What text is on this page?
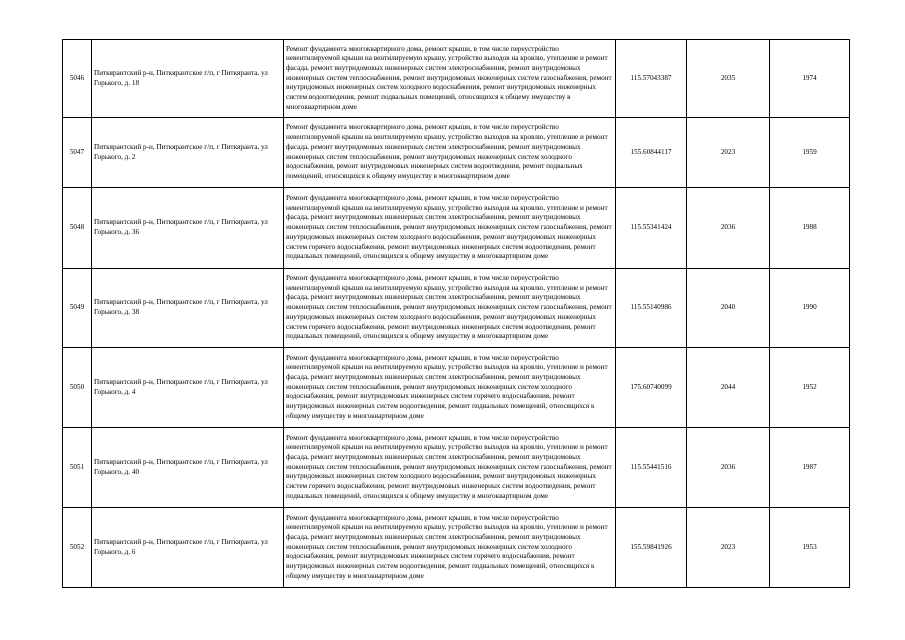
5046	Питкярантский р-н, Питкярантское г/п, г Питкяранта, ул Горького, д. 18	Ремонт фундамента многоквартирного дома, ремонт крыши, в том числе переустройство невентилируемой крыши на вентилируемую крышу, устройство выходов на кровлю, утепление и ремонт фасада, ремонт внутридомовых инженерных систем электроснабжения, ремонт внутридомовых инженерных систем теплоснабжения, ремонт внутридомовых инженерных систем газоснабжения, ремонт внутридомовых инженерных систем холодного водоснабжения, ремонт внутридомовых инженерных систем водоотведения, ремонт подвальных помещений, относящихся к общему имуществу в многоквартирном доме	115.57043387	2035	1974
5047	Питкярантский р-н, Питкярантское г/п, г Питкяранта, ул Горького, д. 2	Ремонт фундамента многоквартирного дома, ремонт крыши, в том числе переустройство невентилируемой крыши на вентилируемую крышу, устройство выходов на кровлю, утепление и ремонт фасада, ремонт внутридомовых инженерных систем электроснабжения, ремонт внутридомовых инженерных систем теплоснабжения, ремонт внутридомовых инженерных систем холодного водоснабжения, ремонт внутридомовых инженерных систем водоотведения, ремонт подвальных помещений, относящихся к общему имуществу в многоквартирном доме	155.60844117	2023	1959
5048	Питкярантский р-н, Питкярантское г/п, г Питкяранта, ул Горького, д. 36	Ремонт фундамента многоквартирного дома, ремонт крыши, в том числе переустройство невентилируемой крыши на вентилируемую крышу, устройство выходов на кровлю, утепление и ремонт фасада, ремонт внутридомовых инженерных систем электроснабжения, ремонт внутридомовых инженерных систем теплоснабжения, ремонт внутридомовых инженерных систем газоснабжения, ремонт внутридомовых инженерных систем холодного водоснабжения, ремонт внутридомовых инженерных систем горячего водоснабжения, ремонт внутридомовых инженерных систем водоотведения, ремонт подвальных помещений, относящихся к общему имуществу в многоквартирном доме	115.55341424	2036	1988
5049	Питкярантский р-н, Питкярантское г/п, г Питкяранта, ул Горького, д. 38	Ремонт фундамента многоквартирного дома, ремонт крыши, в том числе переустройство невентилируемой крыши на вентилируемую крышу, устройство выходов на кровлю, утепление и ремонт фасада, ремонт внутридомовых инженерных систем электроснабжения, ремонт внутридомовых инженерных систем теплоснабжения, ремонт внутридомовых инженерных систем газоснабжения, ремонт внутридомовых инженерных систем холодного водоснабжения, ремонт внутридомовых инженерных систем горячего водоснабжения, ремонт внутридомовых инженерных систем водоотведения, ремонт подвальных помещений, относящихся к общему имуществу в многоквартирном доме	115.55140986	2040	1990
5050	Питкярантский р-н, Питкярантское г/п, г Питкяранта, ул Горького, д. 4	Ремонт фундамента многоквартирного дома, ремонт крыши, в том числе переустройство невентилируемой крыши на вентилируемую крышу, устройство выходов на кровлю, утепление и ремонт фасада, ремонт внутридомовых инженерных систем электроснабжения, ремонт внутридомовых инженерных систем теплоснабжения, ремонт внутридомовых инженерных систем холодного водоснабжения, ремонт внутридомовых инженерных систем горячего водоснабжения, ремонт внутридомовых инженерных систем водоотведения, ремонт подвальных помещений, относящихся к общему имуществу в многоквартирном доме	175.60740099	2044	1952
5051	Питкярантский р-н, Питкярантское г/п, г Питкяранта, ул Горького, д. 40	Ремонт фундамента многоквартирного дома, ремонт крыши, в том числе переустройство невентилируемой крыши на вентилируемую крышу, устройство выходов на кровлю, утепление и ремонт фасада, ремонт внутридомовых инженерных систем электроснабжения, ремонт внутридомовых инженерных систем теплоснабжения, ремонт внутридомовых инженерных систем газоснабжения, ремонт внутридомовых инженерных систем холодного водоснабжения, ремонт внутридомовых инженерных систем горячего водоснабжения, ремонт внутридомовых инженерных систем водоотведения, ремонт подвальных помещений, относящихся к общему имуществу в многоквартирном доме	115.55441516	2036	1987
5052	Питкярантский р-н, Питкярантское г/п, г Питкяранта, ул Горького, д. 6	Ремонт фундамента многоквартирного дома, ремонт крыши, в том числе переустройство невентилируемой крыши на вентилируемую крышу, устройство выходов на кровлю, утепление и ремонт фасада, ремонт внутридомовых инженерных систем электроснабжения, ремонт внутридомовых инженерных систем теплоснабжения, ремонт внутридомовых инженерных систем холодного водоснабжения, ремонт внутридомовых инженерных систем горячего водоснабжения, ремонт внутридомовых инженерных систем водоотведения, ремонт подвальных помещений, относящихся к общему имуществу в многоквартирном доме	155.59841926	2023	1953
